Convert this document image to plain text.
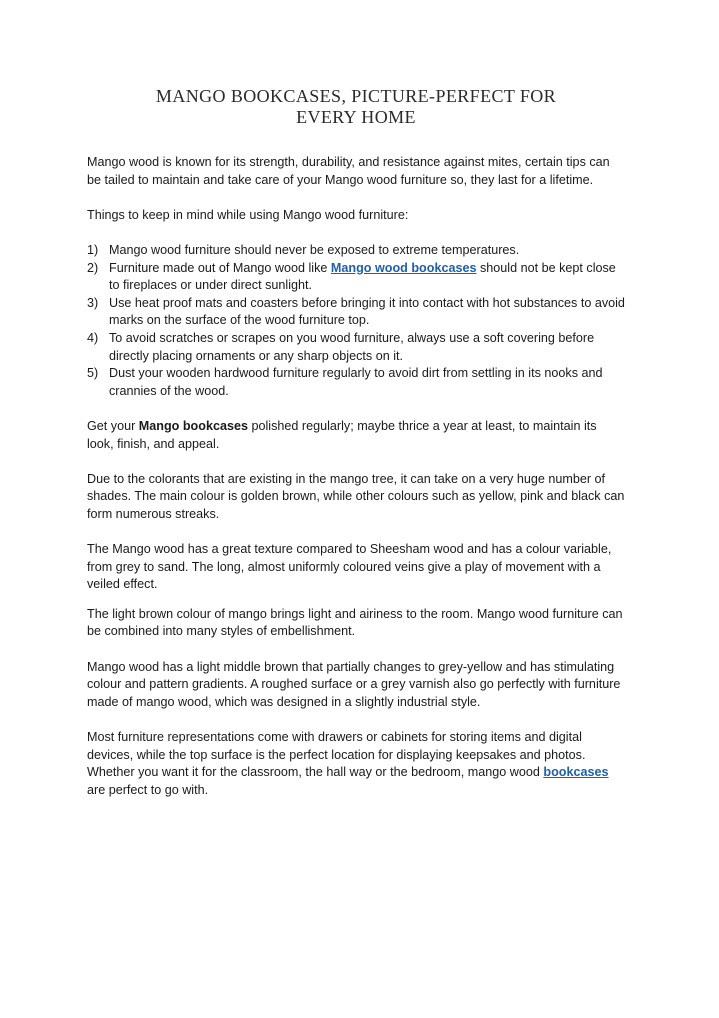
MANGO BOOKCASES, PICTURE-PERFECT FOR
EVERY HOME

Mango wood is known for its strength, durability, and resistance against mites, certain tips can be tailed to maintain and take care of your Mango wood furniture so, they last for a lifetime.

Things to keep in mind while using Mango wood furniture:

1) Mango wood furniture should never be exposed to extreme temperatures.
2) Furniture made out of Mango wood like Mango wood bookcases should not be kept close to fireplaces or under direct sunlight.
3) Use heat proof mats and coasters before bringing it into contact with hot substances to avoid marks on the surface of the wood furniture top.
4) To avoid scratches or scrapes on you wood furniture, always use a soft covering before directly placing ornaments or any sharp objects on it.
5) Dust your wooden hardwood furniture regularly to avoid dirt from settling in its nooks and crannies of the wood.

Get your Mango bookcases polished regularly; maybe thrice a year at least, to maintain its look, finish, and appeal.

Due to the colorants that are existing in the mango tree, it can take on a very huge number of shades. The main colour is golden brown, while other colours such as yellow, pink and black can form numerous streaks.

The Mango wood has a great texture compared to Sheesham wood and has a colour variable, from grey to sand. The long, almost uniformly coloured veins give a play of movement with a veiled effect.

The light brown colour of mango brings light and airiness to the room. Mango wood furniture can be combined into many styles of embellishment.

Mango wood has a light middle brown that partially changes to grey-yellow and has stimulating colour and pattern gradients. A roughed surface or a grey varnish also go perfectly with furniture made of mango wood, which was designed in a slightly industrial style.

Most furniture representations come with drawers or cabinets for storing items and digital devices, while the top surface is the perfect location for displaying keepsakes and photos. Whether you want it for the classroom, the hall way or the bedroom, mango wood bookcases are perfect to go with.
